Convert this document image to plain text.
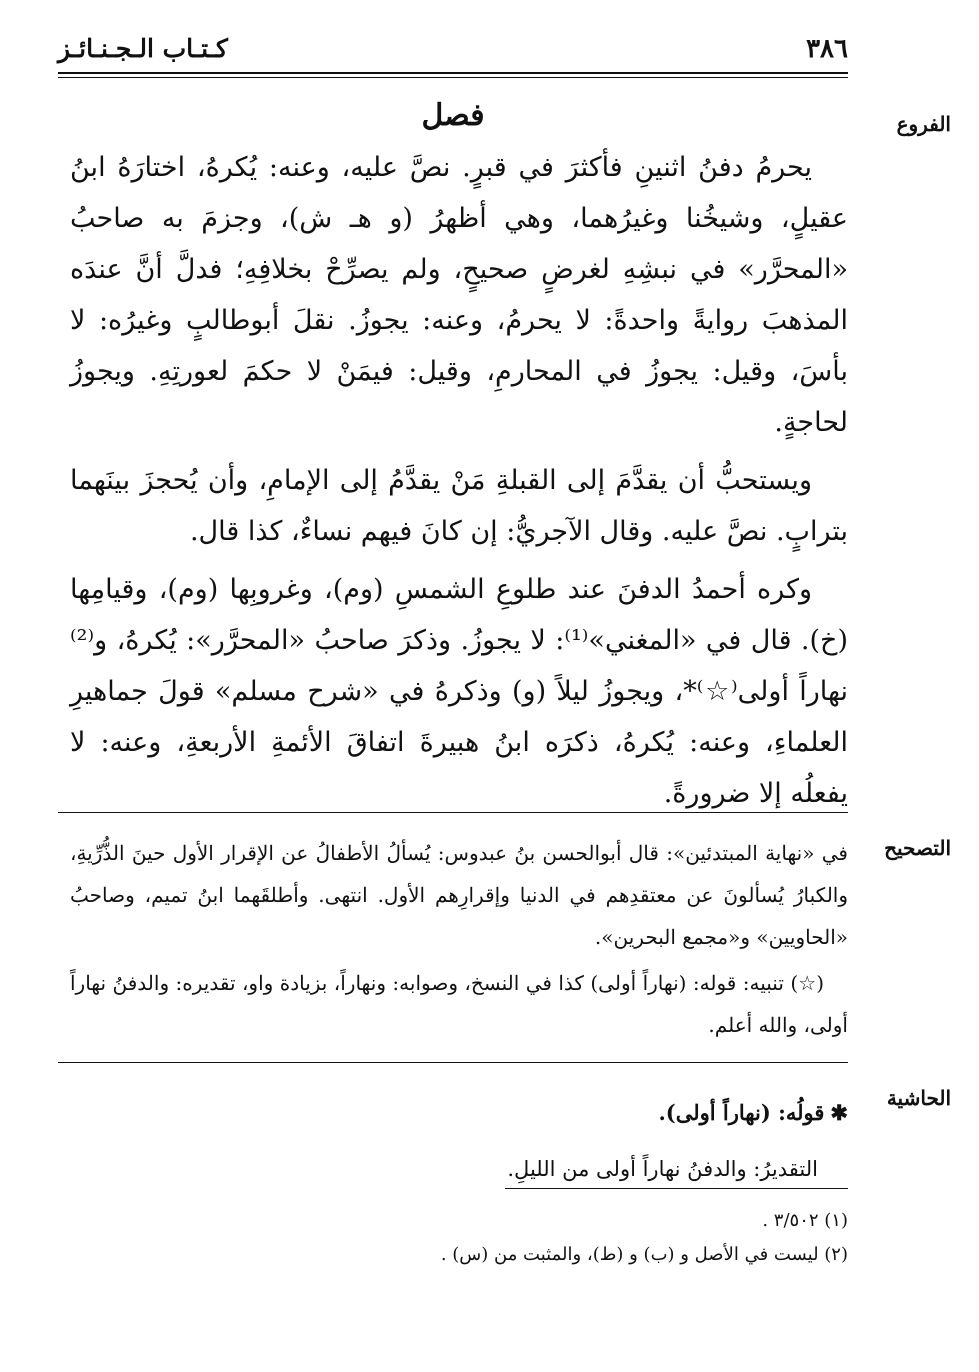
٣٨٦
كـتـاب الـجـنـائـز
الفروع
فصل

يحرمُ دفنُ اثنينِ فأكثرَ في قبرٍ. نصَّ عليه، وعنه: يُكرهُ، اختارَهُ ابنُ عقيلٍ، وشيخُنا وغيرُهما، وهي أظهرُ (و هـ ش)، وجزمَ به صاحبُ «المحرَّر» في نبشِهِ لغرضٍ صحيحٍ، ولم يصرِّحْ بخلافِهِ؛ فدلَّ أنَّ عندَه المذهبَ روايةً واحدةً: لا يحرمُ، وعنه: يجوزُ. نقلَ أبوطالبٍ وغيرُه: لا بأسَ، وقيل: يجوزُ في المحارمِ، وقيل: فيمَنْ لا حكمَ لعورتِهِ. ويجوزُ لحاجةٍ.

ويستحبُّ أن يقدَّمَ إلى القبلةِ مَنْ يقدَّمُ إلى الإمامِ، وأن يُحجزَ بينَهما بترابٍ. نصَّ عليه. وقال الآجريُّ: إن كانَ فيهم نساءٌ، كذا قال.

وكره أحمدُ الدفنَ عند طلوعِ الشمسِ (وم)، وغروبِها (وم)، وقيامِها (خ). قال في «المغني»⁽¹⁾: لا يجوزُ. وذكرَ صاحبُ «المحرَّر»: يُكرهُ، و⁽²⁾نهاراً أولى⁽☆⁾*، ويجوزُ ليلاً (و) وذكرهُ في «شرح مسلم» قولَ جماهيرِ العلماءِ، وعنه: يُكرهُ، ذكرَه ابنُ هبيرةَ اتفاقَ الأئمةِ الأربعةِ، وعنه: لا يفعلُه إلا ضرورةً.

التصحيح

في «نهاية المبتدئين»: قال أبوالحسن بنُ عبدوس: يُسألُ الأطفالُ عن الإقرار الأول حينَ الذُّرِّيةِ، والكبارُ يُسألونَ عن معتقدِهم في الدنيا وإقرارِهم الأول. انتهى. وأطلقَهما ابنُ تميم، وصاحبُ «الحاويين» و«مجمع البحرين».

(☆) تنبيه: قوله: (نهاراً أولى) كذا في النسخ، وصوابه: ونهاراً، بزيادة واو، تقديره: والدفنُ نهاراً أولى، والله أعلم.

الحاشية

✱قولُه: (نهاراً أولى).

التقديرُ: والدفنُ نهاراً أولى من الليلِ.

(١) ٣/٥٠٢ .

(٢) ليست في الأصل و (ب) و (ط)، والمثبت من (س) .
